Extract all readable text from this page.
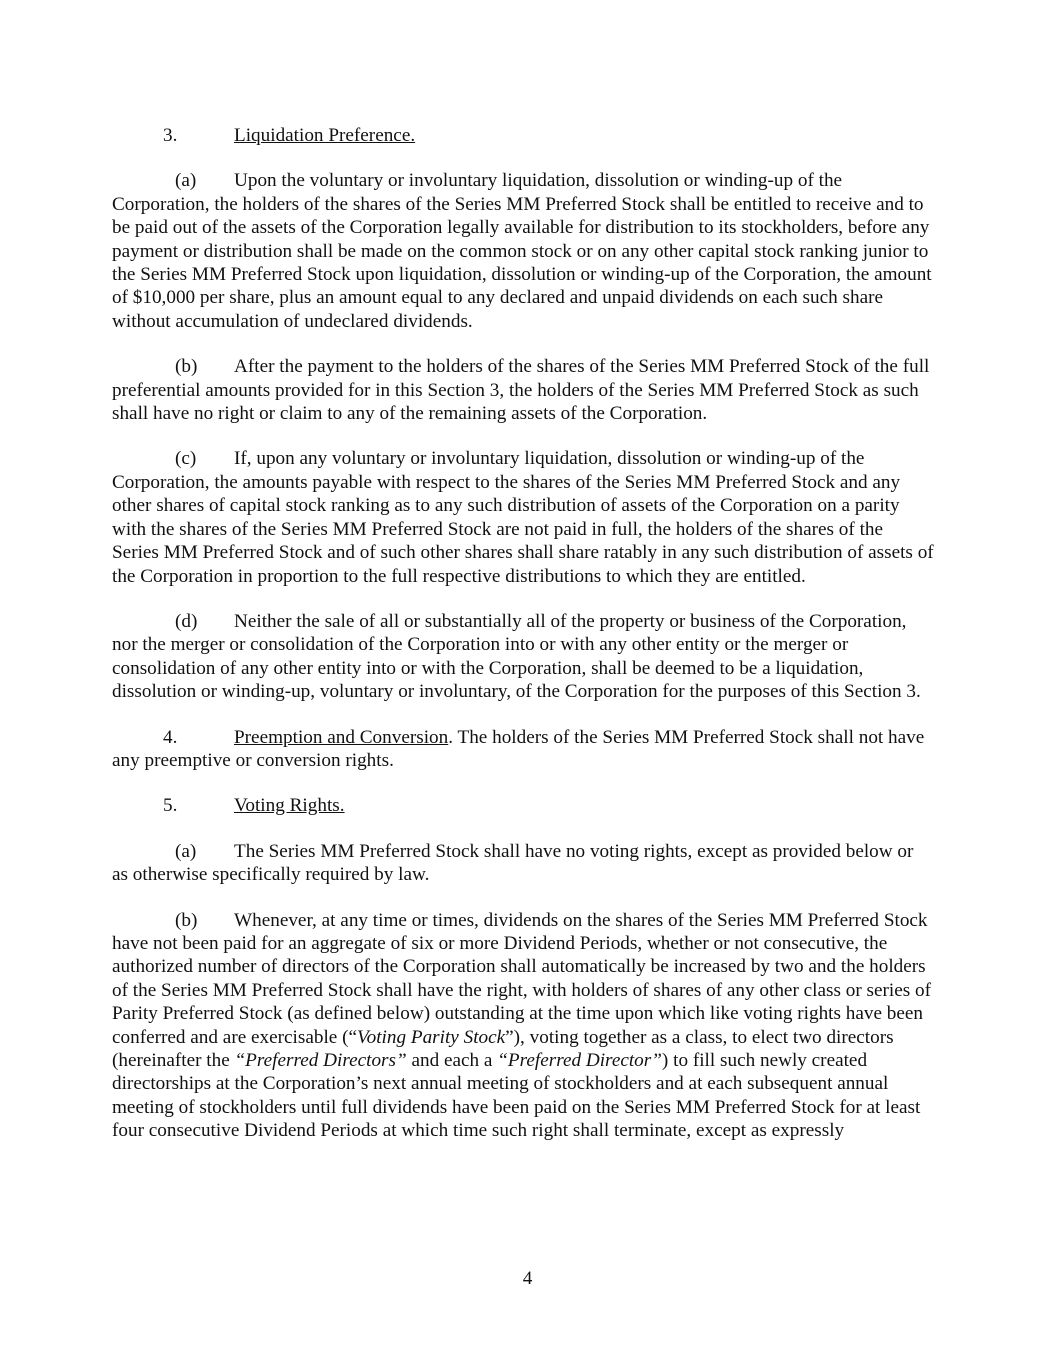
3.	Liquidation Preference.

(a) Upon the voluntary or involuntary liquidation, dissolution or winding-up of the Corporation, the holders of the shares of the Series MM Preferred Stock shall be entitled to receive and to be paid out of the assets of the Corporation legally available for distribution to its stockholders, before any payment or distribution shall be made on the common stock or on any other capital stock ranking junior to the Series MM Preferred Stock upon liquidation, dissolution or winding-up of the Corporation, the amount of $10,000 per share, plus an amount equal to any declared and unpaid dividends on each such share without accumulation of undeclared dividends.

(b) After the payment to the holders of the shares of the Series MM Preferred Stock of the full preferential amounts provided for in this Section 3, the holders of the Series MM Preferred Stock as such shall have no right or claim to any of the remaining assets of the Corporation.

(c) If, upon any voluntary or involuntary liquidation, dissolution or winding-up of the Corporation, the amounts payable with respect to the shares of the Series MM Preferred Stock and any other shares of capital stock ranking as to any such distribution of assets of the Corporation on a parity with the shares of the Series MM Preferred Stock are not paid in full, the holders of the shares of the Series MM Preferred Stock and of such other shares shall share ratably in any such distribution of assets of the Corporation in proportion to the full respective distributions to which they are entitled.

(d) Neither the sale of all or substantially all of the property or business of the Corporation, nor the merger or consolidation of the Corporation into or with any other entity or the merger or consolidation of any other entity into or with the Corporation, shall be deemed to be a liquidation, dissolution or winding-up, voluntary or involuntary, of the Corporation for the purposes of this Section 3.

4.	Preemption and Conversion. The holders of the Series MM Preferred Stock shall not have any preemptive or conversion rights.

5.	Voting Rights.

(a) The Series MM Preferred Stock shall have no voting rights, except as provided below or as otherwise specifically required by law.

(b) Whenever, at any time or times, dividends on the shares of the Series MM Preferred Stock have not been paid for an aggregate of six or more Dividend Periods, whether or not consecutive, the authorized number of directors of the Corporation shall automatically be increased by two and the holders of the Series MM Preferred Stock shall have the right, with holders of shares of any other class or series of Parity Preferred Stock (as defined below) outstanding at the time upon which like voting rights have been conferred and are exercisable (“Voting Parity Stock”), voting together as a class, to elect two directors (hereinafter the “Preferred Directors” and each a “Preferred Director”) to fill such newly created directorships at the Corporation’s next annual meeting of stockholders and at each subsequent annual meeting of stockholders until full dividends have been paid on the Series MM Preferred Stock for at least four consecutive Dividend Periods at which time such right shall terminate, except as expressly

4
